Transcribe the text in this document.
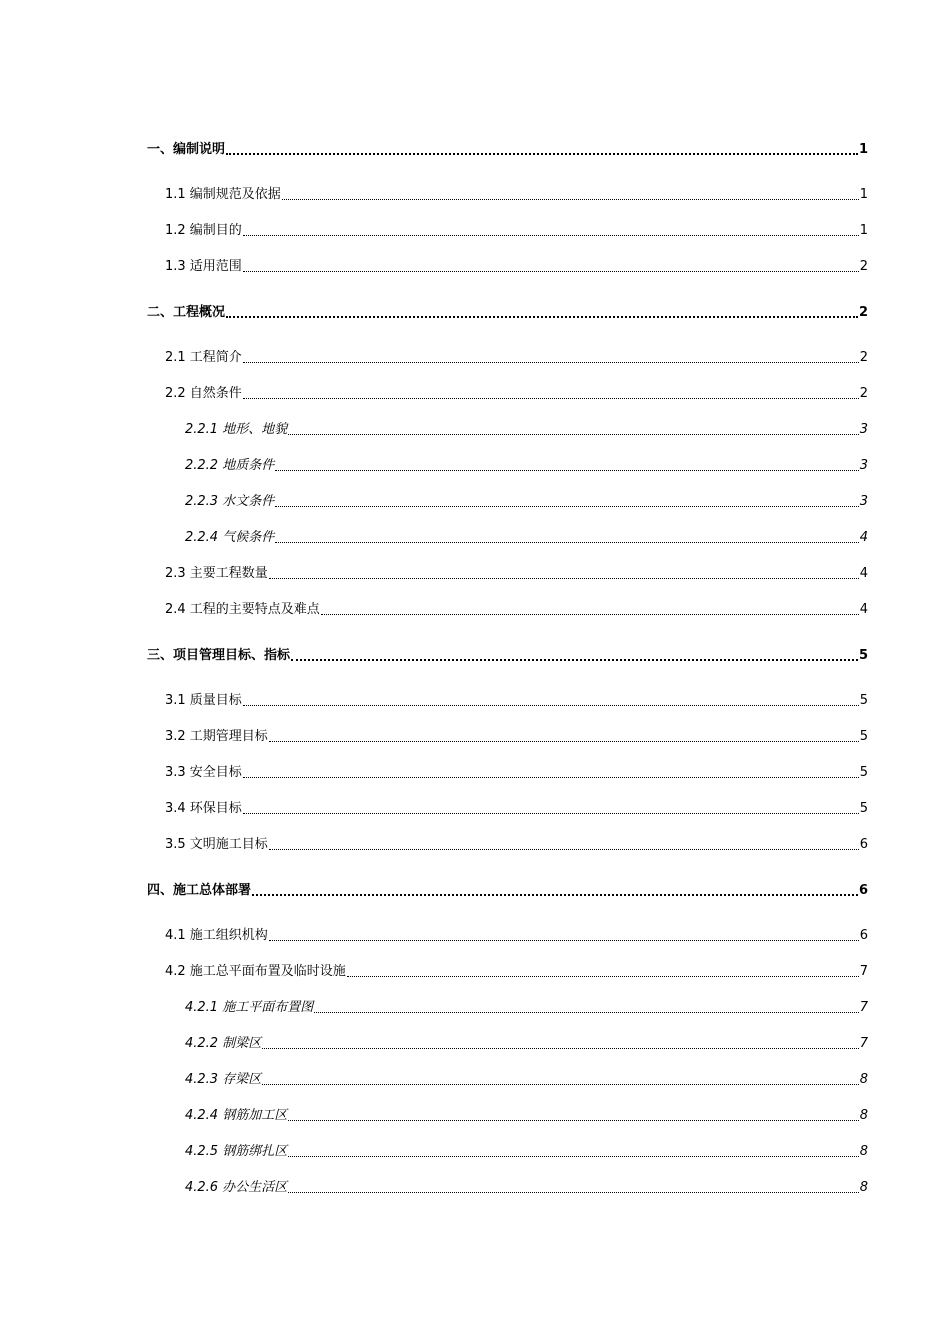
一、编制说明	1
1.1 编制规范及依据	1
1.2 编制目的	1
1.3 适用范围	2
二、工程概况	2
2.1 工程简介	2
2.2 自然条件	2
2.2.1 地形、地貌	3
2.2.2 地质条件	3
2.2.3 水文条件	3
2.2.4 气候条件	4
2.3 主要工程数量	4
2.4 工程的主要特点及难点	4
三、项目管理目标、指标	5
3.1 质量目标	5
3.2 工期管理目标	5
3.3 安全目标	5
3.4 环保目标	5
3.5 文明施工目标	6
四、施工总体部署	6
4.1 施工组织机构	6
4.2 施工总平面布置及临时设施	7
4.2.1 施工平面布置图	7
4.2.2 制梁区	7
4.2.3 存梁区	8
4.2.4 钢筋加工区	8
4.2.5 钢筋绑扎区	8
4.2.6 办公生活区	8
